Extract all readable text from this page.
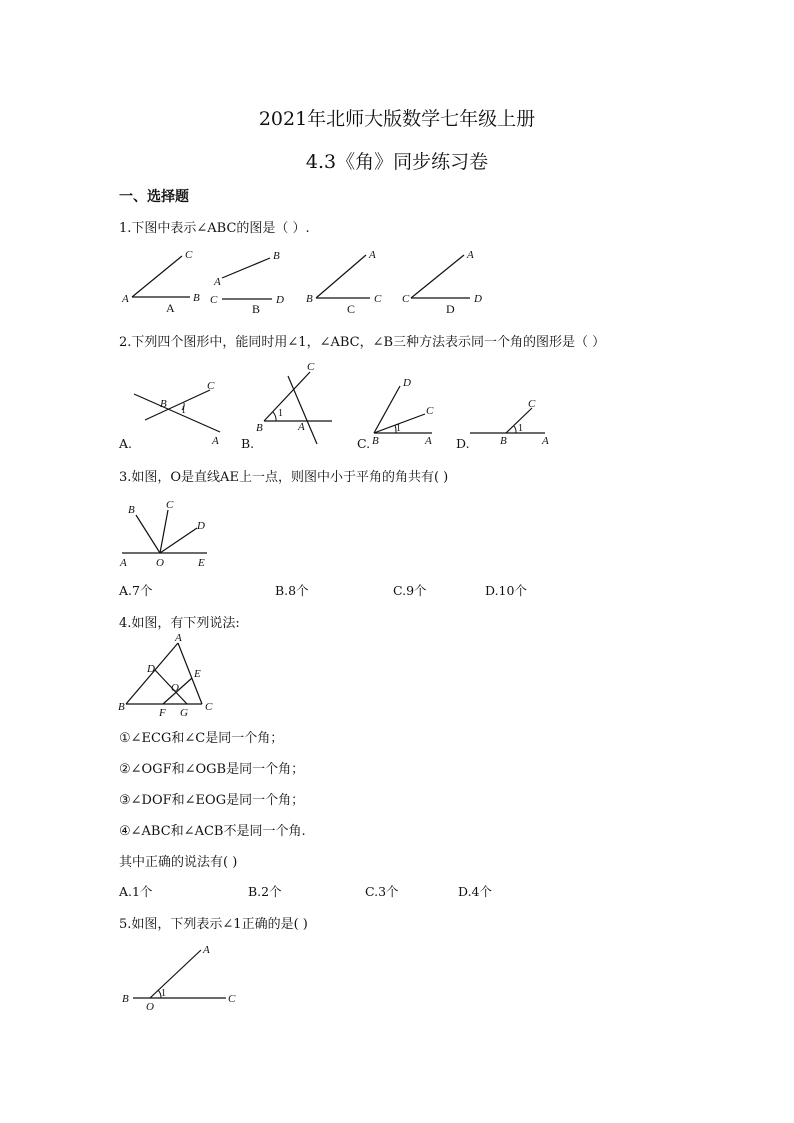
2021年北师大版数学七年级上册
4.3《角》同步练习卷
一、选择题
1.下图中表示∠ABC的图是（ ）.
C
A	B
A
B
A
C	D
B
A
B	C
C
A
C	D
D
2.下列四个图形中，能同时用∠1，∠ABC，∠B三种方法表示同一个角的图形是（ ）
B
C
A
1
C
B	A
1
D
C
B	A
1
C
B	A
1
A.	B.	C.	D.
3.如图，O是直线AE上一点，则图中小于平角的角共有( )
B	C
D
A	O	E
A.7个	B.8个	C.9个	D.10个
4.如图，有下列说法:
A
D	E
O
B	F G C
①∠ECG和∠C是同一个角；
②∠OGF和∠OGB是同一个角；
③∠DOF和∠EOG是同一个角；
④∠ABC和∠ACB不是同一个角.
其中正确的说法有( )
A.1个	B.2个	C.3个	D.4个
5.如图，下列表示∠1正确的是( )
A
B	C
O
1
